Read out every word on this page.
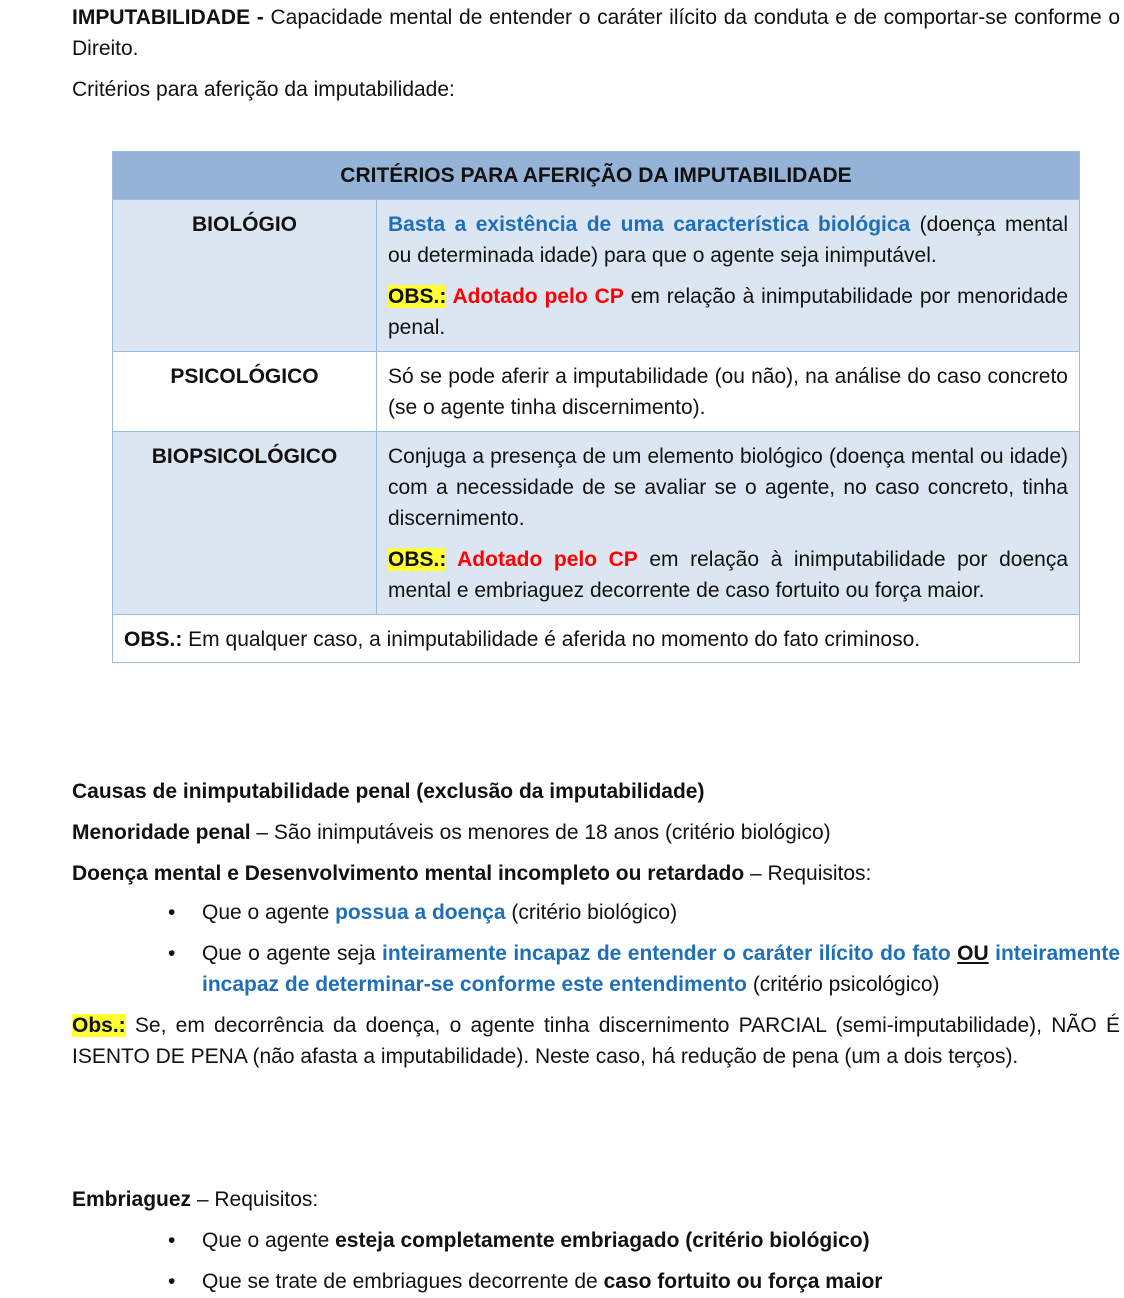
IMPUTABILIDADE - Capacidade mental de entender o caráter ilícito da conduta e de comportar-se conforme o Direito.

Critérios para aferição da imputabilidade:

CRITÉRIOS PARA AFERIÇÃO DA IMPUTABILIDADE	
BIOLÓGIO	Basta a existência de uma característica biológica (doença mental ou determinada idade) para que o agente seja inimputável.

OBS.: Adotado pelo CP em relação à inimputabilidade por menoridade penal.

PSICOLÓGICO	Só se pode aferir a imputabilidade (ou não), na análise do caso concreto (se o agente tinha discernimento).

BIOPSICOLÓGICO	Conjuga a presença de um elemento biológico (doença mental ou idade) com a necessidade de se avaliar se o agente, no caso concreto, tinha discernimento.

OBS.: Adotado pelo CP em relação à inimputabilidade por doença mental e embriaguez decorrente de caso fortuito ou força maior.

OBS.: Em qualquer caso, a inimputabilidade é aferida no momento do fato criminoso.	

Causas de inimputabilidade penal (exclusão da imputabilidade)

Menoridade penal – São inimputáveis os menores de 18 anos (critério biológico)

Doença mental e Desenvolvimento mental incompleto ou retardado – Requisitos:

• Que o agente possua a doença (critério biológico)
• Que o agente seja inteiramente incapaz de entender o caráter ilícito do fato OU inteiramente incapaz de determinar-se conforme este entendimento (critério psicológico)

Obs.: Se, em decorrência da doença, o agente tinha discernimento PARCIAL (semi-imputabilidade), NÃO É ISENTO DE PENA (não afasta a imputabilidade). Neste caso, há redução de pena (um a dois terços).

Embriaguez – Requisitos:

• Que o agente esteja completamente embriagado (critério biológico)
• Que se trate de embriagues decorrente de caso fortuito ou força maior
